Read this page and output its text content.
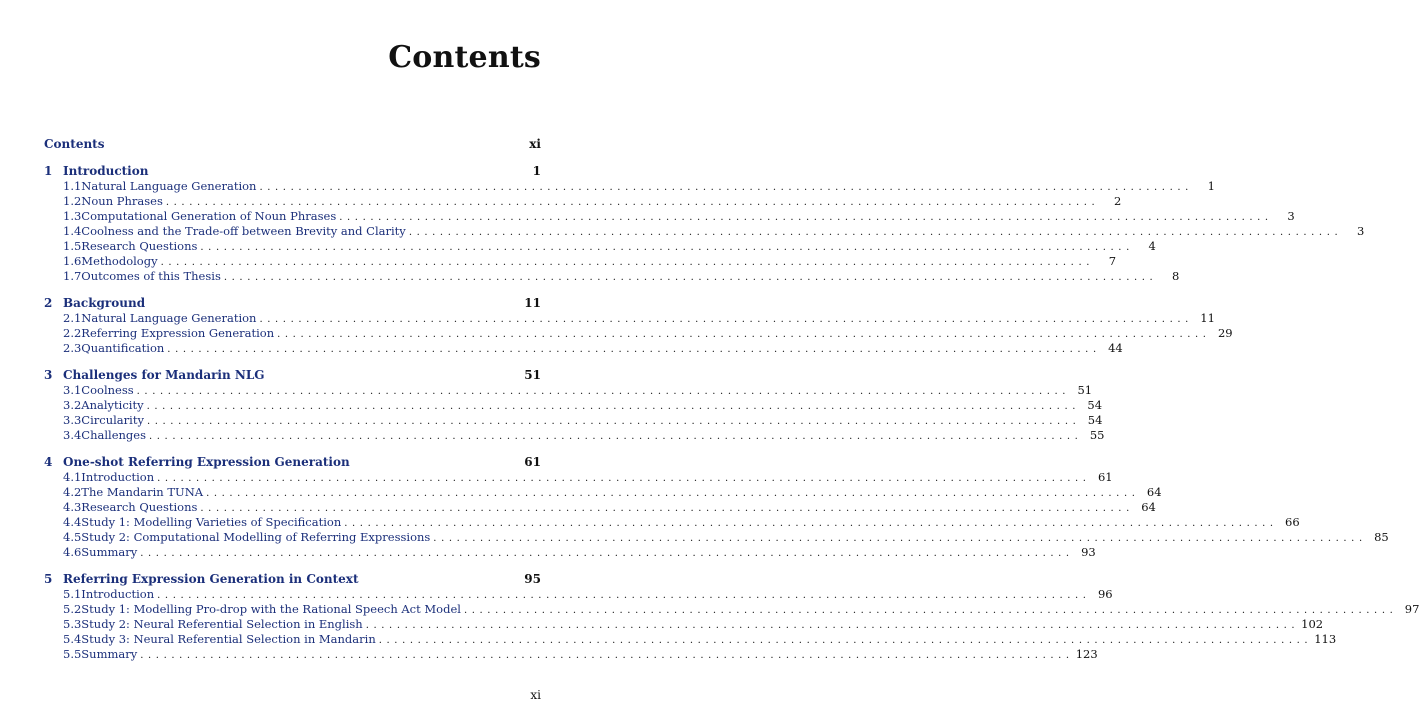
Contents
Contents	xi
1 Introduction	1
1.1 Natural Language Generation ........................................................................................................................	1
1.2 Noun Phrases ........................................................................................................................	2
1.3 Computational Generation of Noun Phrases ........................................................................................................................	3
1.4 Coolness and the Trade-off between Brevity and Clarity ........................................................................................................................	3
1.5 Research Questions ........................................................................................................................	4
1.6 Methodology ........................................................................................................................	7
1.7 Outcomes of this Thesis ........................................................................................................................	8
2 Background	11
2.1 Natural Language Generation ........................................................................................................................ 11
2.2 Referring Expression Generation ........................................................................................................................ 29
2.3 Quantification ........................................................................................................................ 44
3 Challenges for Mandarin NLG	51
3.1 Coolness ........................................................................................................................ 51
3.2 Analyticity ........................................................................................................................ 54
3.3 Circularity ........................................................................................................................ 54
3.4 Challenges ........................................................................................................................ 55
4 One-shot Referring Expression Generation	61
4.1 Introduction ........................................................................................................................ 61
4.2 The Mandarin TUNA ........................................................................................................................ 64
4.3 Research Questions ........................................................................................................................ 64
4.4 Study 1: Modelling Varieties of Specification ........................................................................................................................ 66
4.5 Study 2: Computational Modelling of Referring Expressions ........................................................................................................................ 85
4.6 Summary ........................................................................................................................ 93
5 Referring Expression Generation in Context	95
5.1 Introduction ........................................................................................................................ 96
5.2 Study 1: Modelling Pro-drop with the Rational Speech Act Model ........................................................................................................................ 97
5.3 Study 2: Neural Referential Selection in English ........................................................................................................................ 102
5.4 Study 3: Neural Referential Selection in Mandarin ........................................................................................................................ 113
5.5 Summary ........................................................................................................................ 123
xi
